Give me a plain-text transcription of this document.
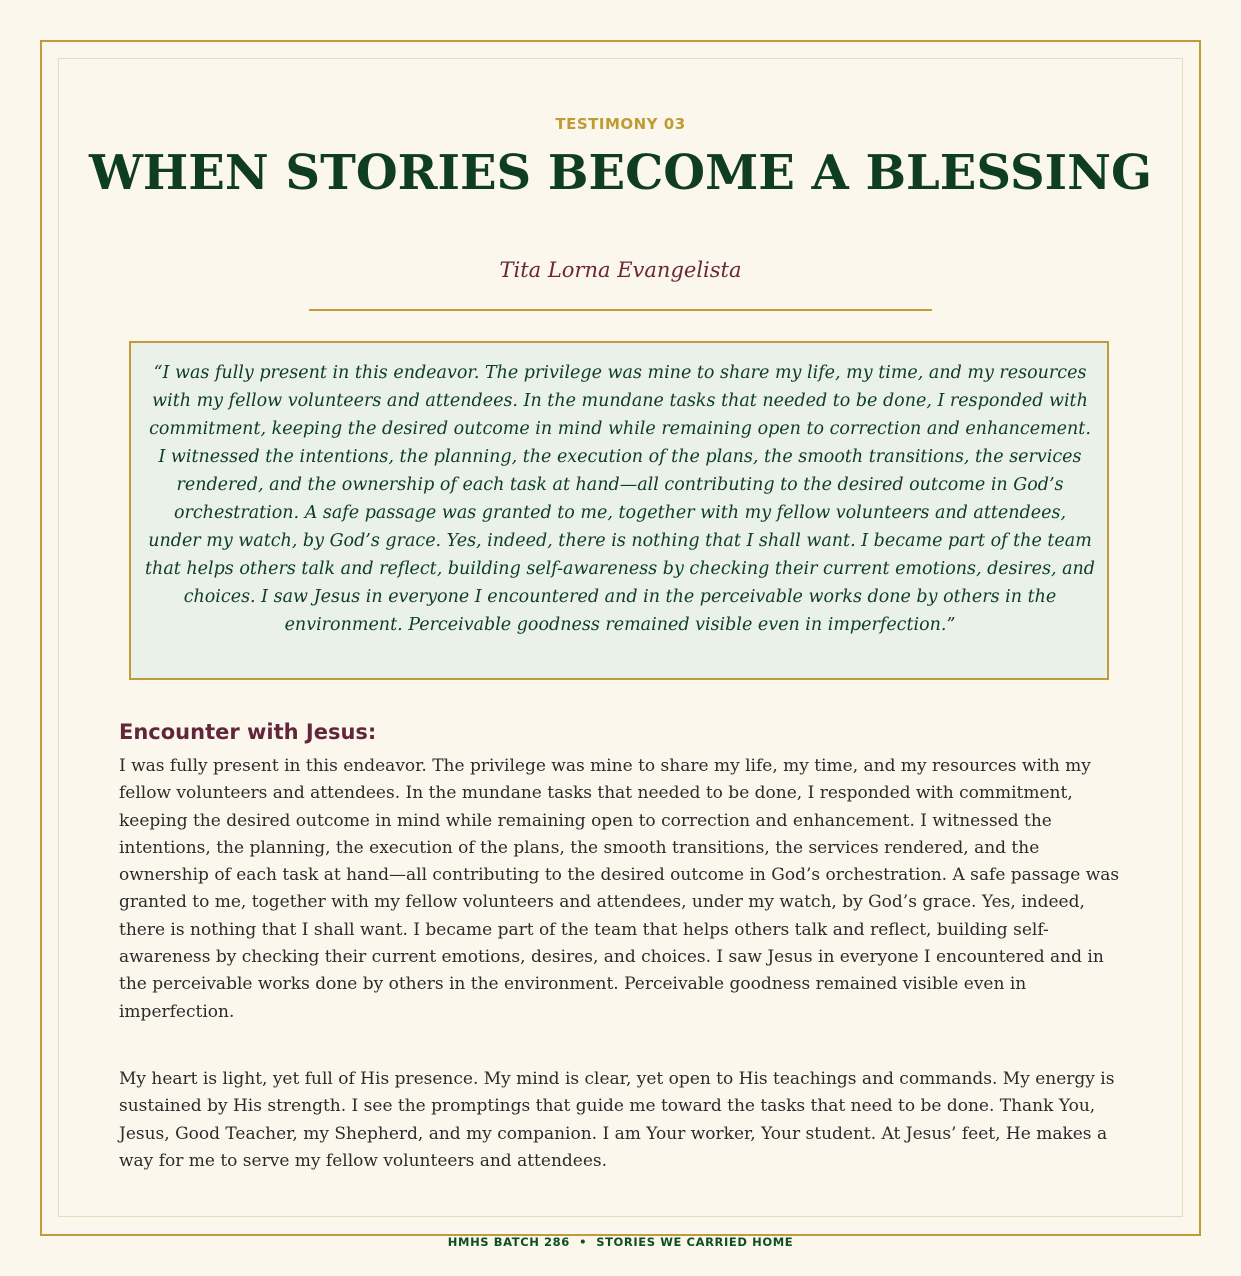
TESTIMONY 03
WHEN STORIES BECOME A BLESSING
Tita Lorna Evangelista

“I was fully present in this endeavor. The privilege was mine to share my life, my time, and my resources with my fellow volunteers and attendees. In the mundane tasks that needed to be done, I responded with commitment, keeping the desired outcome in mind while remaining open to correction and enhancement. I witnessed the intentions, the planning, the execution of the plans, the smooth transitions, the services rendered, and the ownership of each task at hand—all contributing to the desired outcome in God’s orchestration. A safe passage was granted to me, together with my fellow volunteers and attendees, under my watch, by God’s grace. Yes, indeed, there is nothing that I shall want. I became part of the team that helps others talk and reflect, building self-awareness by checking their current emotions, desires, and choices. I saw Jesus in everyone I encountered and in the perceivable works done by others in the environment. Perceivable goodness remained visible even in imperfection.”

Encounter with Jesus:

I was fully present in this endeavor. The privilege was mine to share my life, my time, and my resources with my fellow volunteers and attendees. In the mundane tasks that needed to be done, I responded with commitment, keeping the desired outcome in mind while remaining open to correction and enhancement. I witnessed the intentions, the planning, the execution of the plans, the smooth transitions, the services rendered, and the ownership of each task at hand—all contributing to the desired outcome in God’s orchestration. A safe passage was granted to me, together with my fellow volunteers and attendees, under my watch, by God’s grace. Yes, indeed, there is nothing that I shall want. I became part of the team that helps others talk and reflect, building self-awareness by checking their current emotions, desires, and choices. I saw Jesus in everyone I encountered and in the perceivable works done by others in the environment. Perceivable goodness remained visible even in imperfection.

My heart is light, yet full of His presence. My mind is clear, yet open to His teachings and commands. My energy is sustained by His strength. I see the promptings that guide me toward the tasks that need to be done. Thank You, Jesus, Good Teacher, my Shepherd, and my companion. I am Your worker, Your student. At Jesus’ feet, He makes a way for me to serve my fellow volunteers and attendees.

HMHS BATCH 286  •  STORIES WE CARRIED HOME
